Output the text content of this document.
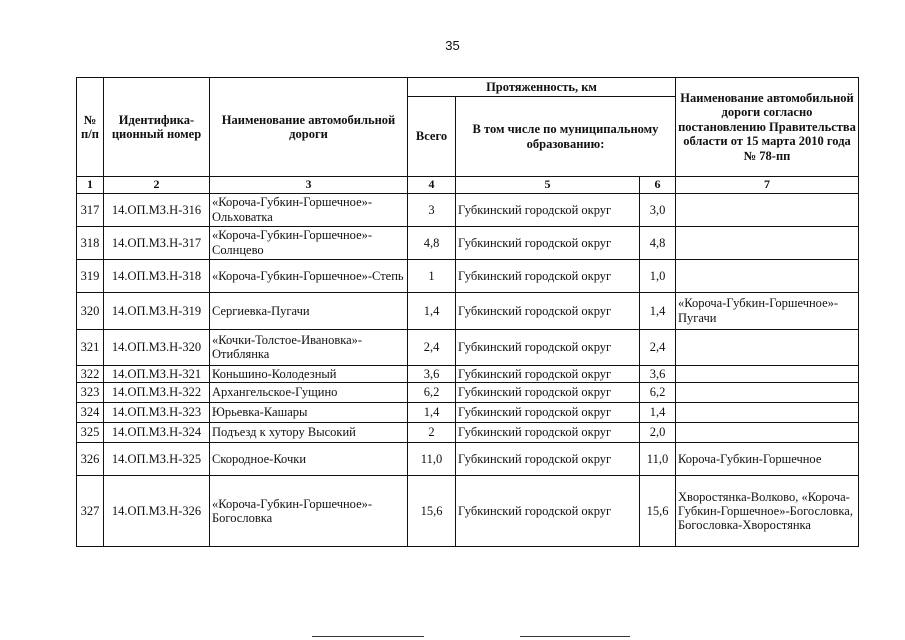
35
№ п/п	Идентифика-ционный номер	Наименование автомобильной дороги	Протяженность, км			Наименование автомобильной дороги согласно постановлению Правительства области от 15 марта 2010 года № 78-пп
			Всего	В том числе по муниципальному образованию:		
1	2	3	4	5	6	7
317	14.ОП.МЗ.Н-316	«Короча-Губкин-Горшечное»-Ольховатка	3	Губкинский городской округ	3,0	
318	14.ОП.МЗ.Н-317	«Короча-Губкин-Горшечное»-Солнцево	4,8	Губкинский городской округ	4,8	
319	14.ОП.МЗ.Н-318	«Короча-Губкин-Горшечное»-Степь	1	Губкинский городской округ	1,0	
320	14.ОП.МЗ.Н-319	Сергиевка-Пугачи	1,4	Губкинский городской округ	1,4	«Короча-Губкин-Горшечное»-Пугачи
321	14.ОП.МЗ.Н-320	«Кочки-Толстое-Ивановка»-Отиблянка	2,4	Губкинский городской округ	2,4	
322	14.ОП.МЗ.Н-321	Коньшино-Колодезный	3,6	Губкинский городской округ	3,6	
323	14.ОП.МЗ.Н-322	Архангельское-Гущино	6,2	Губкинский городской округ	6,2	
324	14.ОП.МЗ.Н-323	Юрьевка-Кашары	1,4	Губкинский городской округ	1,4	
325	14.ОП.МЗ.Н-324	Подъезд к хутору Высокий	2	Губкинский городской округ	2,0	
326	14.ОП.МЗ.Н-325	Скородное-Кочки	11,0	Губкинский городской округ	11,0	Короча-Губкин-Горшечное
327	14.ОП.МЗ.Н-326	«Короча-Губкин-Горшечное»-Богословка	15,6	Губкинский городской округ	15,6	Хворостянка-Волково, «Короча-Губкин-Горшечное»-Богословка, Богословка-Хворостянка
